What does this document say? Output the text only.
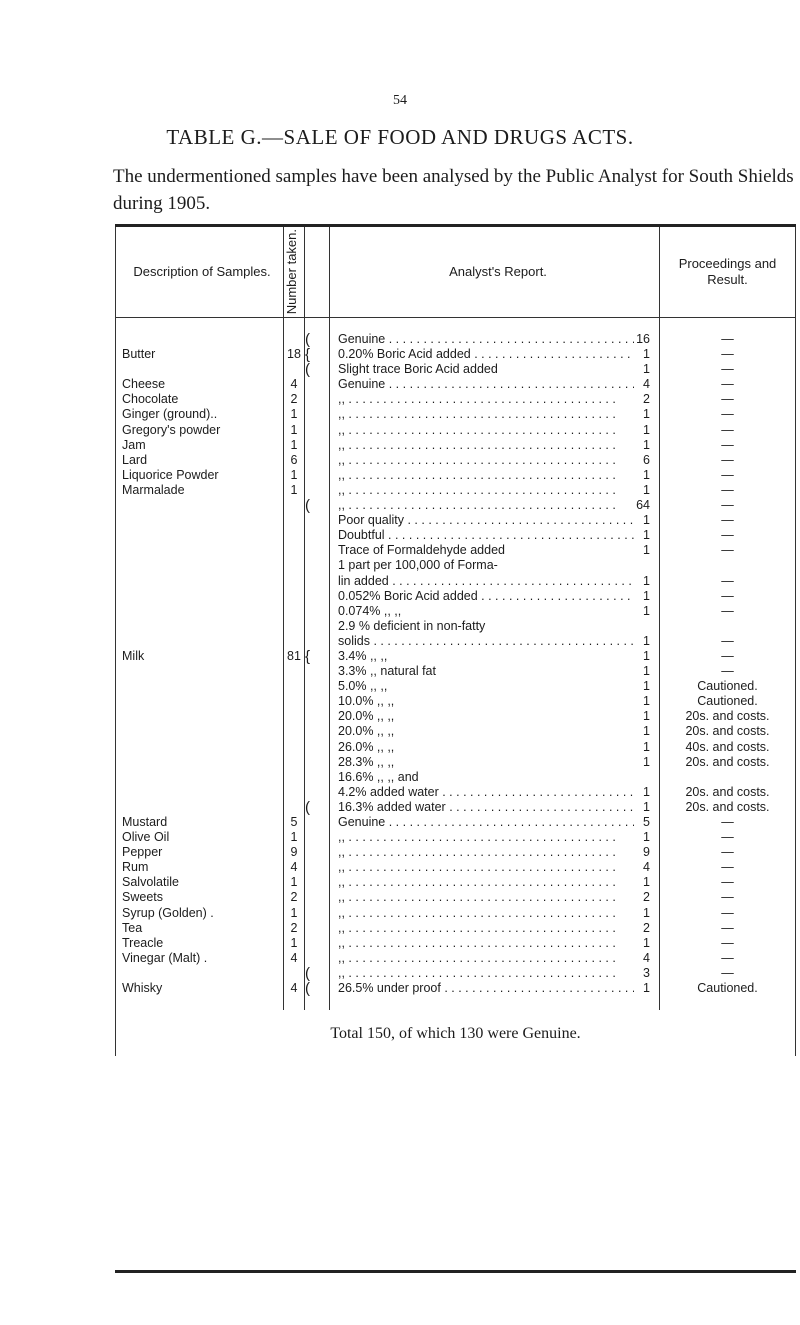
54
TABLE G.—SALE OF FOOD AND DRUGS ACTS.
The undermentioned samples have been analysed by the Public Analyst for South Shields during 1905.
Description of Samples.	Number taken.		Analyst's Report.	Proceedings and Result.

		(	Genuine . . . 16	—
Butter	18	{	0.20% Boric Acid added . . . 1	—
		(	Slight trace Boric Acid added 1	—
Cheese	4		Genuine . . . 4	—
Chocolate	2		,, . . . 2	—
Ginger (ground)..	1		,, . . . 1	—
Gregory's powder	1		,, . . . 1	—
Jam	1		,, . . . 1	—
Lard	6		,, . . . 6	—
Liquorice Powder	1		,, . . . 1	—
Marmalade	1		,, . . . 1	—
		(	,, . . . 64	—

			Poor quality . . . 1	—

			Doubtful . . . 1	—

			Trace of Formaldehyde added 1	—

			1 part per 100,000 of Forma-	

			lin added . . . 1	—

			0.052% Boric Acid added . . . 1	—

			0.074% ,, ,, 1	—

			2.9 % deficient in non-fatty	

			solids . . . 1	—
Milk	81	{	3.4% ,, ,, 1	—

			3.3% ,, natural fat 1	—

			5.0% ,, ,, 1	Cautioned.

			10.0% ,, ,, 1	Cautioned.

			20.0% ,, ,, 1	20s. and costs.

			20.0% ,, ,, 1	20s. and costs.

			26.0% ,, ,, 1	40s. and costs.

			28.3% ,, ,, 1	20s. and costs.

			16.6% ,, ,, and	

			4.2% added water . . . 1	20s. and costs.
		(	16.3% added water . . . 1	20s. and costs.
Mustard	5		Genuine . . . 5	—
Olive Oil	1		,, . . . 1	—
Pepper	9		,, . . . 9	—
Rum	4		,, . . . 4	—
Salvolatile	1		,, . . . 1	—
Sweets	2		,, . . . 2	—
Syrup (Golden) .	1		,, . . . 1	—
Tea	2		,, . . . 2	—
Treacle	1		,, . . . 1	—
Vinegar (Malt) .	4		,, . . . 4	—
		(	,, . . . 3	—
Whisky	4	(	26.5% under proof . . . 1	Cautioned.

Total 150, of which 130 were Genuine.				
